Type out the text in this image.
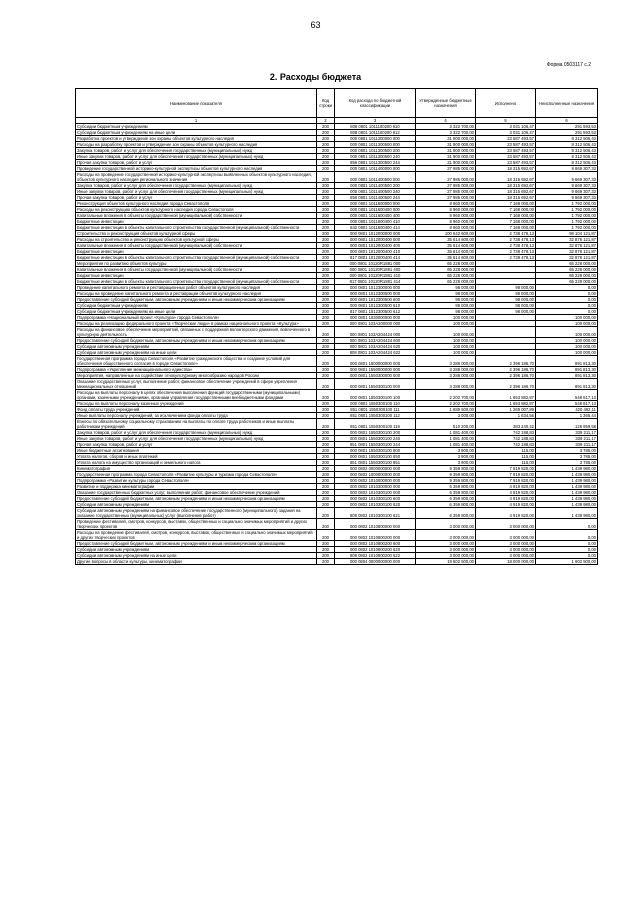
63
Форма 0503117 с.2
2. Расходы бюджета
Наименование показателя	Код строки	Код расхода по бюджетной классификации	Утвержденные бюджетные назначения	Исполнено	Неисполненные назначения
1	2	3	4	5	6
Субсидии бюджетным учреждениям	200	808 0801 1011100200 610	3 322 700,00	3 031 106,47	291 593,53
Субсидии бюджетным учреждениям на иные цели	200	808 0801 1011100200 612	3 322 700,00	3 031 106,47	291 593,53
Разработка проектов и утверждение зон охраны объектов культурного наследия	200	000 0801 1011300000 000	31 900 000,00	23 587 493,57	8 312 506,43
Расходы на разработку проектов и утверждение зон охраны объектов культурного наследия	200	000 0801 1011300500 000	31 900 000,00	23 587 493,57	8 312 506,43
Закупка товаров, работ и услуг для обеспечения государственных (муниципальных) нужд	200	000 0801 1011300500 200	31 900 000,00	23 587 493,57	8 312 506,43
Иные закупки товаров, работ и услуг для обеспечения государственных (муниципальных) нужд	200	000 0801 1011300500 240	31 900 000,00	23 587 493,57	8 312 506,43
Прочая закупка товаров, работ и услуг	200	856 0801 1011300500 244	31 900 000,00	23 587 493,57	8 312 506,43
Проведение государственной историко-культурной экспертизы объектов культурного наследия	200	000 0801 1011400000 000	27 985 000,00	18 315 692,67	9 669 307,33
Расходы на проведение государственной историко-культурной экспертизы выявленных объектов культурного наследия, объектов культурного наследия регионального значения	200	000 0801 1011400500 000	27 985 000,00	18 315 692,67	9 669 307,33
Закупка товаров, работ и услуг для обеспечения государственных (муниципальных) нужд	200	000 0801 1011400500 200	27 985 000,00	18 315 692,67	9 669 307,33
Иные закупки товаров, работ и услуг для обеспечения государственных (муниципальных) нужд	200	000 0801 1011400500 240	27 985 000,00	18 315 692,67	9 669 307,33
Прочая закупка товаров, работ и услуг	200	856 0801 1011400500 244	27 985 000,00	18 315 692,67	9 669 307,33
Реконструкция объектов культурного наследия города Севастополя	200	000 0801 1011600000 000	8 960 000,00	7 168 000,00	1 792 000,00
Расходы на реконструкцию объектов культурного наследия города Севастополя	200	000 0801 1011600400 000	8 960 000,00	7 168 000,00	1 792 000,00
Капитальные вложения в объекты государственной (муниципальной) собственности	200	000 0801 1011600400 400	8 960 000,00	7 168 000,00	1 792 000,00
Бюджетные инвестиции	200	000 0801 1011600400 410	8 960 000,00	7 168 000,00	1 792 000,00
Бюджетные инвестиции в объекты капитального строительства государственной (муниципальной) собственности	200	842 0801 1011600400 414	8 960 000,00	7 168 000,00	1 792 000,00
Строительство и реконструкция объектов культурной сферы	200	000 0801 1012000000 000	100 842 600,00	2 738 478,13	98 104 121,87
Расходы на строительство и реконструкцию объектов культурной сферы	200	000 0801 1012000400 000	35 614 600,00	2 738 478,13	32 876 121,87
Капитальные вложения в объекты государственной (муниципальной) собственности	200	000 0801 1012000400 400	35 614 600,00	2 738 478,13	32 876 121,87
Бюджетные инвестиции	200	000 0801 1012000400 410	35 614 600,00	2 738 478,13	32 876 121,87
Бюджетные инвестиции в объекты капитального строительства государственной (муниципальной) собственности	200	817 0801 1012000400 414	35 614 600,00	2 738 478,13	32 876 121,87
Мероприятия по развитию объектов культуры	200	000 0801 10120R1881 000	65 228 000,00		65 228 000,00
Капитальные вложения в объекты государственной (муниципальной) собственности	200	000 0801 10120R1881 400	65 228 000,00		65 228 000,00
Бюджетные инвестиции	200	000 0801 10120R1881 410	65 228 000,00		65 228 000,00
Бюджетные инвестиции в объекты капитального строительства государственной (муниципальной) собственности	200	817 0801 10120R1881 414	65 228 000,00		65 228 000,00
Проведение капитального ремонта и реставрационных работ объектов культурного наследия	200	000 0801 1012300000 000	98 000,00	98 000,00	0,00
Расходы на проведение капитального ремонта и реставрации объектов культурного наследия	200	000 0801 1012300500 000	98 000,00	98 000,00	0,00
Предоставление субсидий бюджетным, автономным учреждениям и иным некоммерческим организациям	200	000 0801 1012300500 600	98 000,00	98 000,00	0,00
Субсидии бюджетным учреждениям	200	000 0801 1012300500 610	98 000,00	98 000,00	0,00
Субсидии бюджетным учреждениям на иные цели	200	817 0801 1012300500 612	98 000,00	98 000,00	0,00
Подпрограмма «Национальный проект «Культура» города Севастополя»	200	000 0801 1030000000 000	100 000,00		100 000,00
Расходы на реализацию федерального проекта «Творческие люди» в рамках национального проекта «Культура»	200	000 0801 103A200000 000	100 000,00		100 000,00
Расходы на финансовое обеспечение мероприятий, связанных с поддержкой волонтерского движения, вовлеченного в культурную деятельность	200	000 0801 103A204424 000	100 000,00		100 000,00
Предоставление субсидий бюджетным, автономным учреждениям и иным некоммерческим организациям	200	000 0801 103A204424 600	100 000,00		100 000,00
Субсидии автономным учреждениям	200	000 0801 103A204424 620	100 000,00		100 000,00
Субсидии автономным учреждениям на иные цели	200	808 0801 103A204424 622	100 000,00		100 000,00
Государственная программа города Севастополя «Развитие гражданского общества и создание условий для обеспечения общественного согласия в городе Севастополе»	200	000 0801 1500000000 000	3 288 000,00	2 396 186,70	891 813,30
Подпрограмма «Укрепление межнационального единства»	200	000 0801 1550000000 000	3 288 000,00	2 396 186,70	891 813,30
Мероприятия, направленные на содействие этнокультурному многообразию народов России	200	000 0801 1550300000 000	3 288 000,00	2 396 186,70	891 813,30
Оказание государственных услуг, выполнение работ, финансовое обеспечение учреждений в сфере укрепления межнациональных отношений	200	000 0801 1550300100 000	3 288 000,00	2 396 186,70	891 813,30
Расходы на выплаты персоналу в целях обеспечения выполнения функций государственными (муниципальными) органами, казенными учреждениями, органами управления государственными внебюджетными фондами	200	000 0801 1550300100 100	2 202 700,00	1 653 882,87	548 817,13
Расходы на выплаты персоналу казенных учреждений	200	000 0801 1550300100 110	2 202 700,00	1 653 882,87	548 817,13
Фонд оплаты труда учреждений	200	851 0801 1550300100 111	1 689 500,00	1 269 007,89	420 492,11
Иные выплаты персоналу учреждений, за исключением фонда оплаты труда	200	851 0801 1550300100 112	3 000,00	1 634,56	1 365,44
Взносы по обязательному социальному страхованию на выплаты по оплате труда работников и иные выплаты работникам учреждений	200	851 0801 1550300100 119	510 200,00	383 240,42	126 959,58
Закупка товаров, работ и услуг для обеспечения государственных (муниципальных) нужд	200	000 0801 1550300100 200	1 081 400,00	742 188,83	339 211,17
Иные закупки товаров, работ и услуг для обеспечения государственных (муниципальных) нужд	200	000 0801 1550300100 240	1 081 400,00	742 188,83	339 211,17
Прочая закупка товаров, работ и услуг	200	851 0801 1550300100 244	1 081 400,00	742 188,83	339 211,17
Иные бюджетные ассигнования	200	000 0801 1550300100 800	3 900,00	115,00	3 785,00
Уплата налогов, сборов и иных платежей	200	000 0801 1550300100 850	3 900,00	115,00	3 785,00
Уплата налога на имущество организаций и земельного налога	200	851 0801 1550300100 851	3 900,00	115,00	3 785,00
Кинематография	200	000 0802 0000000000 000	9 359 800,00	7 919 820,00	1 439 980,00
Государственная программа города Севастополя «Развитие культуры и туризма города Севастополя»	200	000 0802 1000000000 000	9 359 800,00	7 919 820,00	1 439 980,00
Подпрограмма «Развитие культуры города Севастополя»	200	000 0802 1010000000 000	9 359 800,00	7 919 820,00	1 439 980,00
Развитие и поддержка кинематографии	200	000 0802 1010300000 000	6 359 800,00	4 919 820,00	1 439 980,00
Оказание государственных бюджетных услуг, выполнение работ, финансовое обеспечение учреждений	200	000 0802 1010300100 000	6 359 800,00	4 919 820,00	1 439 980,00
Предоставление субсидий бюджетным, автономным учреждениям и иным некоммерческим организациям	200	000 0802 1010300100 600	6 359 800,00	4 919 820,00	1 439 980,00
Субсидии автономным учреждениям	200	000 0802 1010300100 620	6 359 800,00	4 919 820,00	1 439 980,00
Субсидии автономным учреждениям на финансовое обеспечение государственного (муниципального) задания на оказание государственных (муниципальных) услуг (выполнение работ)	200	808 0802 1010300100 621	6 359 800,00	4 919 820,00	1 439 980,00
Проведение фестивалей, смотров, конкурсов, выставок, общественных и социально значимых мероприятий и других творческих проектов	200	000 0802 1010800000 000	3 000 000,00	3 000 000,00	0,00
Расходы на проведение фестивалей, смотров, конкурсов, выставок, общественных и социально значимых мероприятий и других творческих проектов	200	000 0802 1010800200 000	3 000 000,00	3 000 000,00	0,00
Предоставление субсидий бюджетным, автономным учреждениям и иным некоммерческим организациям	200	000 0802 1010800200 600	3 000 000,00	3 000 000,00	0,00
Субсидии автономным учреждениям	200	000 0802 1010800200 620	3 000 000,00	3 000 000,00	0,00
Субсидии автономным учреждениям на иные цели	200	808 0802 1010800200 622	3 000 000,00	3 000 000,00	0,00
Другие вопросы в области культуры, кинематографии	200	000 0804 0000000000 000	19 602 500,00	18 000 000,00	1 602 500,00
